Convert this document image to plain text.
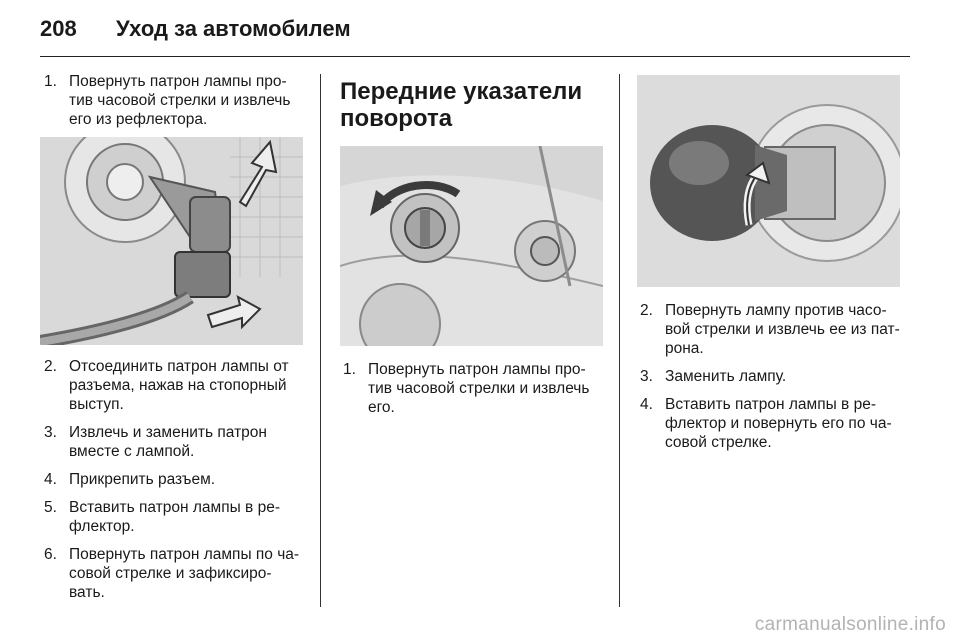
208 Уход за автомобилем
1. Повернуть патрон лампы про-тив часовой стрелки и извлечь его из рефлектора.
2. Отсоединить патрон лампы от разъема, нажав на стопорный выступ.
3. Извлечь и заменить патрон вместе с лампой.
4. Прикрепить разъем.
5. Вставить патрон лампы в ре-флектор.
6. Повернуть патрон лампы по ча-совой стрелке и зафиксиро-вать.
Передние указатели поворота
1. Повернуть патрон лампы про-тив часовой стрелки и извлечь его.
2. Повернуть лампу против часо-вой стрелки и извлечь ее из пат-рона.
3. Заменить лампу.
4. Вставить патрон лампы в ре-флектор и повернуть его по ча-совой стрелке.
carmanualsonline.info
